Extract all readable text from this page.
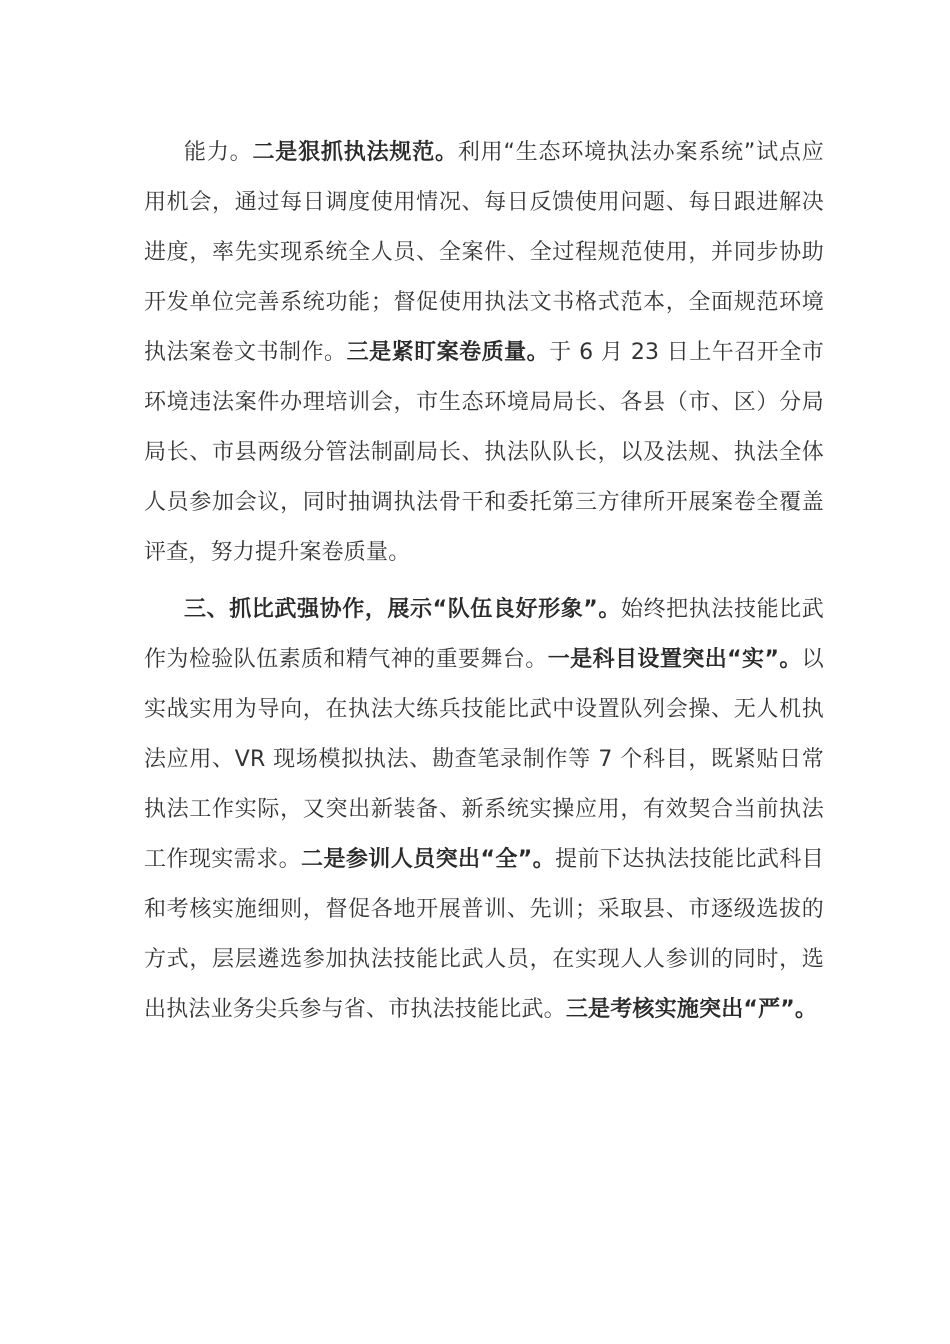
能力。二是狠抓执法规范。利用“生态环境执法办案系统”试点应用机会，通过每日调度使用情况、每日反馈使用问题、每日跟进解决进度，率先实现系统全人员、全案件、全过程规范使用，并同步协助开发单位完善系统功能；督促使用执法文书格式范本，全面规范环境执法案卷文书制作。三是紧盯案卷质量。于 6 月 23 日上午召开全市环境违法案件办理培训会，市生态环境局局长、各县（市、区）分局局长、市县两级分管法制副局长、执法队队长，以及法规、执法全体人员参加会议，同时抽调执法骨干和委托第三方律所开展案卷全覆盖评查，努力提升案卷质量。

三、抓比武强协作，展示“队伍良好形象”。始终把执法技能比武作为检验队伍素质和精气神的重要舞台。一是科目设置突出“实”。以实战实用为导向，在执法大练兵技能比武中设置队列会操、无人机执法应用、VR 现场模拟执法、勘查笔录制作等 7 个科目，既紧贴日常执法工作实际，又突出新装备、新系统实操应用，有效契合当前执法工作现实需求。二是参训人员突出“全”。提前下达执法技能比武科目和考核实施细则，督促各地开展普训、先训；采取县、市逐级选拔的方式，层层遴选参加执法技能比武人员，在实现人人参训的同时，选出执法业务尖兵参与省、市执法技能比武。三是考核实施突出“严”。
